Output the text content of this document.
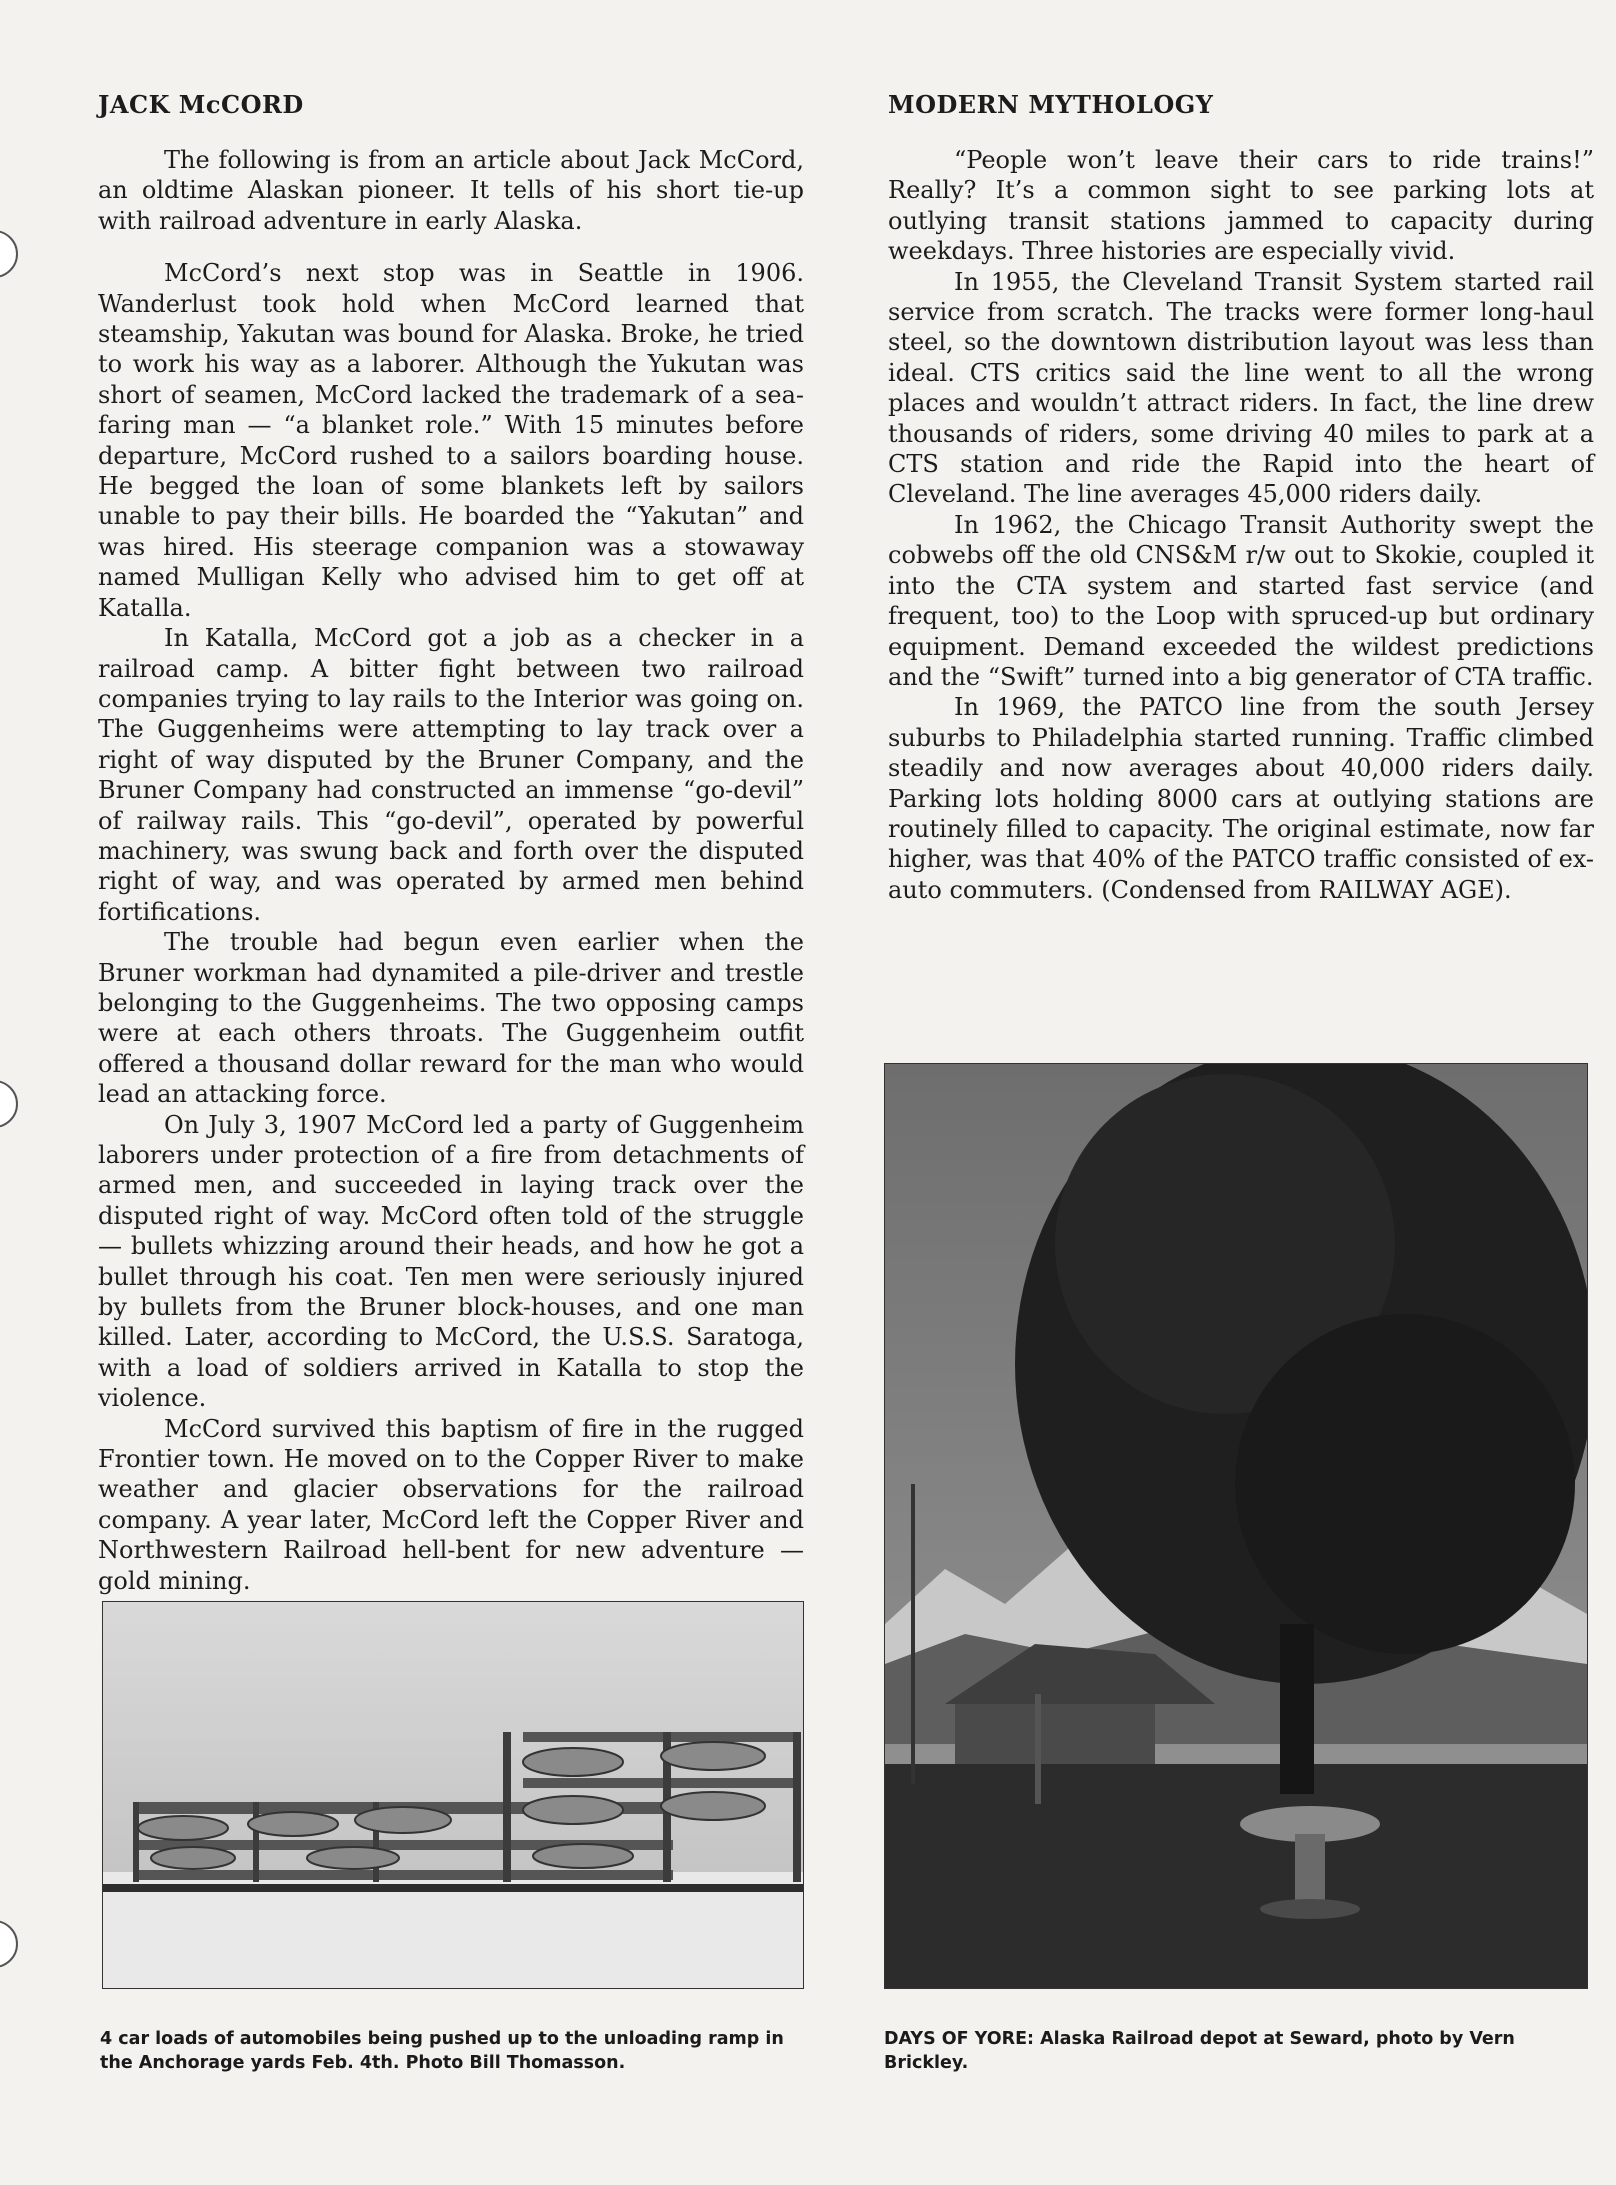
JACK McCORD

The following is from an article about Jack McCord, an oldtime Alaskan pioneer. It tells of his short tie-up with railroad adventure in early Alaska.

McCord’s next stop was in Seattle in 1906. Wanderlust took hold when McCord learned that steamship, Yakutan was bound for Alaska. Broke, he tried to work his way as a laborer. Although the Yukutan was short of seamen, McCord lacked the trademark of a sea-faring man — “a blanket role.” With 15 minutes before departure, McCord rushed to a sailors boarding house. He begged the loan of some blankets left by sailors unable to pay their bills. He boarded the “Yakutan” and was hired. His steerage companion was a stowaway named Mulligan Kelly who advised him to get off at Katalla.

In Katalla, McCord got a job as a checker in a railroad camp. A bitter fight between two railroad companies trying to lay rails to the Interior was going on. The Guggenheims were attempting to lay track over a right of way disputed by the Bruner Company, and the Bruner Company had constructed an immense “go-devil” of railway rails. This “go-devil”, operated by powerful machinery, was swung back and forth over the disputed right of way, and was operated by armed men behind fortifications.

The trouble had begun even earlier when the Bruner workman had dynamited a pile-driver and trestle belonging to the Guggenheims. The two opposing camps were at each others throats. The Guggenheim outfit offered a thousand dollar reward for the man who would lead an attacking force.

On July 3, 1907 McCord led a party of Guggenheim laborers under protection of a fire from detachments of armed men, and succeeded in laying track over the disputed right of way. McCord often told of the struggle — bullets whizzing around their heads, and how he got a bullet through his coat. Ten men were seriously injured by bullets from the Bruner block-houses, and one man killed. Later, according to McCord, the U.S.S. Saratoga, with a load of soldiers arrived in Katalla to stop the violence.

McCord survived this baptism of fire in the rugged Frontier town. He moved on to the Copper River to make weather and glacier observations for the railroad company. A year later, McCord left the Copper River and Northwestern Railroad hell-bent for new adventure — gold mining.

MODERN MYTHOLOGY

“People won’t leave their cars to ride trains!” Really? It’s a common sight to see parking lots at outlying transit stations jammed to capacity during weekdays. Three histories are especially vivid.

In 1955, the Cleveland Transit System started rail service from scratch. The tracks were former long-haul steel, so the downtown distribution layout was less than ideal. CTS critics said the line went to all the wrong places and wouldn’t attract riders. In fact, the line drew thousands of riders, some driving 40 miles to park at a CTS station and ride the Rapid into the heart of Cleveland. The line averages 45,000 riders daily.

In 1962, the Chicago Transit Authority swept the cobwebs off the old CNS&M r/w out to Skokie, coupled it into the CTA system and started fast service (and frequent, too) to the Loop with spruced-up but ordinary equipment. Demand exceeded the wildest predictions and the “Swift” turned into a big generator of CTA traffic.

In 1969, the PATCO line from the south Jersey suburbs to Philadelphia started running. Traffic climbed steadily and now averages about 40,000 riders daily. Parking lots holding 8000 cars at outlying stations are routinely filled to capacity. The original estimate, now far higher, was that 40% of the PATCO traffic consisted of ex-auto commuters. (Condensed from RAILWAY AGE).

4 car loads of automobiles being pushed up to the unloading ramp in the Anchorage yards Feb. 4th. Photo Bill Thomasson.
DAYS OF YORE: Alaska Railroad depot at Seward, photo by Vern Brickley.
